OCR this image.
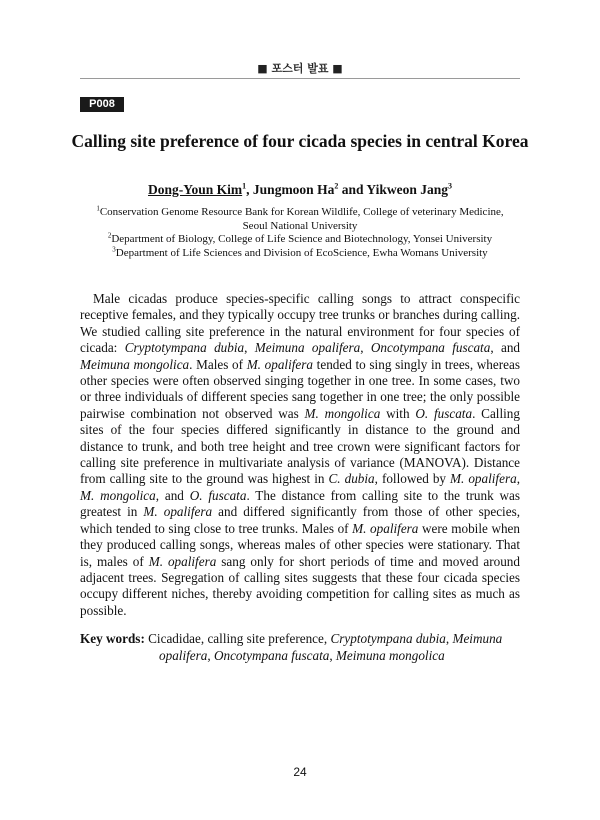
■ 포스터 발표 ■
P008
Calling site preference of four cicada species in central Korea
Dong-Youn Kim$^1$, Jungmoon Ha$^2$ and Yikweon Jang$^3$
$^1$Conservation Genome Resource Bank for Korean Wildlife, College of veterinary Medicine,
Seoul National University
$^2$Department of Biology, College of Life Science and Biotechnology, Yonsei University
$^3$Department of Life Sciences and Division of EcoScience, Ewha Womans University
Male cicadas produce species-specific calling songs to attract conspecific receptive females, and they typically occupy tree trunks or branches during calling. We studied calling site preference in the natural environment for four species of cicada: Cryptotympana dubia, Meimuna opalifera, Oncotympana fuscata, and Meimuna mongolica. Males of M. opalifera tended to sing singly in trees, whereas other species were often observed singing together in one tree. In some cases, two or three individuals of different species sang together in one tree; the only possible pairwise combination not observed was M. mongolica with O. fuscata. Calling sites of the four species differed significantly in distance to the ground and distance to trunk, and both tree height and tree crown were significant factors for calling site preference in multivariate analysis of variance (MANOVA). Distance from calling site to the ground was highest in C. dubia, followed by M. opalifera, M. mongolica, and O. fuscata. The distance from calling site to the trunk was greatest in M. opalifera and differed significantly from those of other species, which tended to sing close to tree trunks. Males of M. opalifera were mobile when they produced calling songs, whereas males of other species were stationary. That is, males of M. opalifera sang only for short periods of time and moved around adjacent trees. Segregation of calling sites suggests that these four cicada species occupy different niches, thereby avoiding competition for calling sites as much as possible.
Key words: Cicadidae, calling site preference, Cryptotympana dubia, Meimuna opalifera, Oncotympana fuscata, Meimuna mongolica
24
